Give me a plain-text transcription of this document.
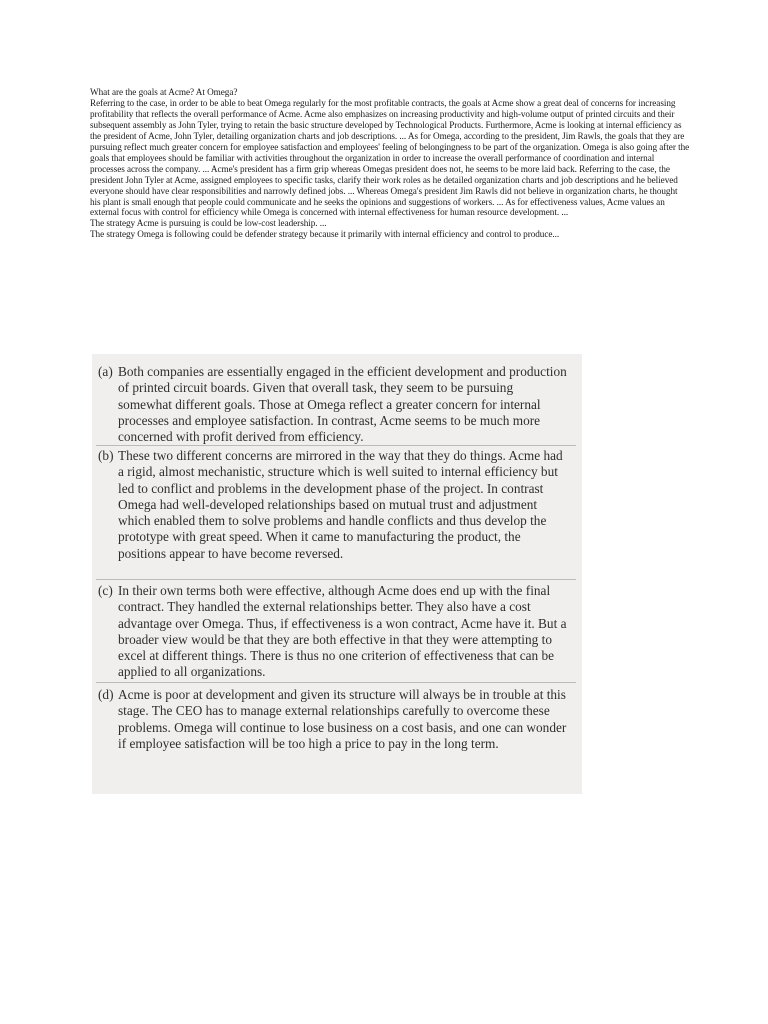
What are the goals at Acme? At Omega?

Referring to the case, in order to be able to beat Omega regularly for the most profitable contracts, the goals at Acme show a great deal of concerns for increasing profitability that reflects the overall performance of Acme. Acme also emphasizes on increasing productivity and high-volume output of printed circuits and their subsequent assembly as John Tyler, trying to retain the basic structure developed by Technological Products. Furthermore, Acme is looking at internal efficiency as the president of Acme, John Tyler, detailing organization charts and job descriptions. ... As for Omega, according to the president, Jim Rawls, the goals that they are pursuing reflect much greater concern for employee satisfaction and employees' feeling of belongingness to be part of the organization. Omega is also going after the goals that employees should be familiar with activities throughout the organization in order to increase the overall performance of coordination and internal processes across the company. ... Acme's president has a firm grip whereas Omegas president does not, he seems to be more laid back. Referring to the case, the president John Tyler at Acme, assigned employees to specific tasks, clarify their work roles as he detailed organization charts and job descriptions and he believed everyone should have clear responsibilities and narrowly defined jobs. ... Whereas Omega's president Jim Rawls did not believe in organization charts, he thought his plant is small enough that people could communicate and he seeks the opinions and suggestions of workers. ... As for effectiveness values, Acme values an external focus with control for efficiency while Omega is concerned with internal effectiveness for human resource development. ...

The strategy Acme is pursuing is could be low-cost leadership. ...

The strategy Omega is following could be defender strategy because it primarily with internal efficiency and control to produce...

(a) Both companies are essentially engaged in the efficient development and production of printed circuit boards. Given that overall task, they seem to be pursuing somewhat different goals. Those at Omega reflect a greater concern for internal processes and employee satisfaction. In contrast, Acme seems to be much more concerned with profit derived from efficiency.
(b) These two different concerns are mirrored in the way that they do things. Acme had a rigid, almost mechanistic, structure which is well suited to internal efficiency but led to conflict and problems in the development phase of the project. In contrast Omega had well-developed relationships based on mutual trust and adjustment which enabled them to solve problems and handle conflicts and thus develop the prototype with great speed. When it came to manufacturing the product, the positions appear to have become reversed.
(c) In their own terms both were effective, although Acme does end up with the final contract. They handled the external relationships better. They also have a cost advantage over Omega. Thus, if effectiveness is a won contract, Acme have it. But a broader view would be that they are both effective in that they were attempting to excel at different things. There is thus no one criterion of effectiveness that can be applied to all organizations.
(d) Acme is poor at development and given its structure will always be in trouble at this stage. The CEO has to manage external relationships carefully to overcome these problems. Omega will continue to lose business on a cost basis, and one can wonder if employee satisfaction will be too high a price to pay in the long term.
